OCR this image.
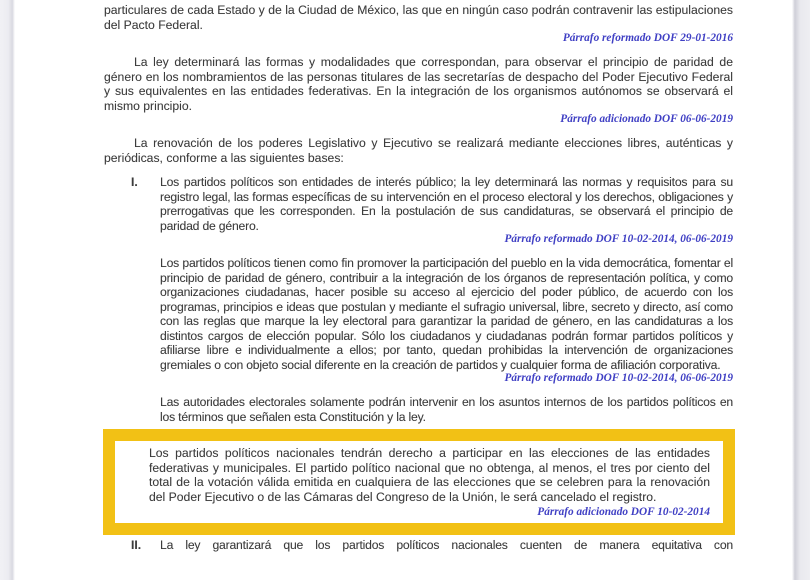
particulares de cada Estado y de la Ciudad de México, las que en ningún caso podrán contravenir las estipulaciones del Pacto Federal.

Párrafo reformado DOF 29-01-2016

La ley determinará las formas y modalidades que correspondan, para observar el principio de paridad de género en los nombramientos de las personas titulares de las secretarías de despacho del Poder Ejecutivo Federal y sus equivalentes en las entidades federativas. En la integración de los organismos autónomos se observará el mismo principio.

Párrafo adicionado DOF 06-06-2019

La renovación de los poderes Legislativo y Ejecutivo se realizará mediante elecciones libres, auténticas y periódicas, conforme a las siguientes bases:

I.	Los partidos políticos son entidades de interés público; la ley determinará las normas y requisitos para su registro legal, las formas específicas de su intervención en el proceso electoral y los derechos, obligaciones y prerrogativas que les corresponden. En la postulación de sus candidaturas, se observará el principio de paridad de género.

Párrafo reformado DOF 10-02-2014, 06-06-2019

Los partidos políticos tienen como fin promover la participación del pueblo en la vida democrática, fomentar el principio de paridad de género, contribuir a la integración de los órganos de representación política, y como organizaciones ciudadanas, hacer posible su acceso al ejercicio del poder público, de acuerdo con los programas, principios e ideas que postulan y mediante el sufragio universal, libre, secreto y directo, así como con las reglas que marque la ley electoral para garantizar la paridad de género, en las candidaturas a los distintos cargos de elección popular. Sólo los ciudadanos y ciudadanas podrán formar partidos políticos y afiliarse libre e individualmente a ellos; por tanto, quedan prohibidas la intervención de organizaciones gremiales o con objeto social diferente en la creación de partidos y cualquier forma de afiliación corporativa.

Párrafo reformado DOF 10-02-2014, 06-06-2019

Las autoridades electorales solamente podrán intervenir en los asuntos internos de los partidos políticos en los términos que señalen esta Constitución y la ley.

Los partidos políticos nacionales tendrán derecho a participar en las elecciones de las entidades federativas y municipales. El partido político nacional que no obtenga, al menos, el tres por ciento del total de la votación válida emitida en cualquiera de las elecciones que se celebren para la renovación del Poder Ejecutivo o de las Cámaras del Congreso de la Unión, le será cancelado el registro.

Párrafo adicionado DOF 10-02-2014

II.	La ley garantizará que los partidos políticos nacionales cuenten de manera equitativa con
